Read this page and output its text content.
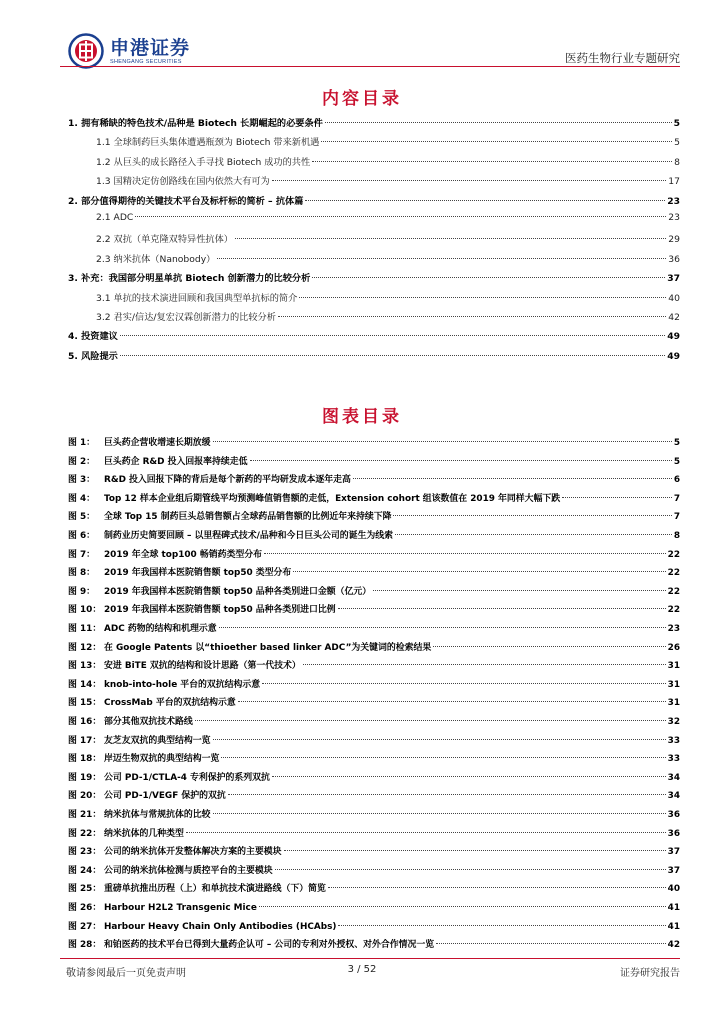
申港证券
SHENGANG SECURITIES	医药生物行业专题研究
内容目录
1. 拥有稀缺的特色技术/品种是 Biotech 长期崛起的必要条件	5
1.1 全球制药巨头集体遭遇瓶颈为 Biotech 带来新机遇	5
1.2 从巨头的成长路径入手寻找 Biotech 成功的共性	8
1.3 国精决定仿创路线在国内依然大有可为	17
2. 部分值得期待的关键技术平台及标杆标的简析 – 抗体篇	23
2.1 ADC	23
2.2 双抗（单克隆双特异性抗体）	29
2.3 纳米抗体（Nanobody）	36
3. 补充：我国部分明星单抗 Biotech 创新潜力的比较分析	37
3.1 单抗的技术演进回顾和我国典型单抗标的简介	40
3.2 君实/信达/复宏汉霖创新潜力的比较分析	42
4. 投资建议	49
5. 风险提示	49
图表目录
图 1：	巨头药企营收增速长期放缓	5
图 2：	巨头药企 R&D 投入回报率持续走低	5
图 3：	R&D 投入回报下降的背后是每个新药的平均研发成本逐年走高	6
图 4：	Top 12 样本企业组后期管线平均预测峰值销售额的走低，Extension cohort 组该数值在 2019 年同样大幅下跌	7
图 5：	全球 Top 15 制药巨头总销售额占全球药品销售额的比例近年来持续下降	7
图 6：	制药业历史简要回顾 – 以里程碑式技术/品种和今日巨头公司的诞生为线索	8
图 7：	2019 年全球 top100 畅销药类型分布	22
图 8：	2019 年我国样本医院销售额 top50 类型分布	22
图 9：	2019 年我国样本医院销售额 top50 品种各类别进口金额（亿元）	22
图 10： 2019 年我国样本医院销售额 top50 品种各类别进口比例	22
图 11： ADC 药物的结构和机理示意	23
图 12： 在 Google Patents 以“thioether based linker ADC”为关键词的检索结果	26
图 13： 安进 BiTE 双抗的结构和设计思路（第一代技术）	31
图 14： knob-into-hole 平台的双抗结构示意	31
图 15： CrossMab 平台的双抗结构示意	31
图 16： 部分其他双抗技术路线	32
图 17： 友芝友双抗的典型结构一览	33
图 18： 岸迈生物双抗的典型结构一览	33
图 19： 公司 PD-1/CTLA-4 专利保护的系列双抗	34
图 20： 公司 PD-1/VEGF 保护的双抗	34
图 21： 纳米抗体与常规抗体的比较	36
图 22： 纳米抗体的几种类型	36
图 23： 公司的纳米抗体开发整体解决方案的主要模块	37
图 24： 公司的纳米抗体检测与质控平台的主要模块	37
图 25： 重磅单抗推出历程（上）和单抗技术演进路线（下）简览	40
图 26： Harbour H2L2 Transgenic Mice	41
图 27： Harbour Heavy Chain Only Antibodies (HCAbs)	41
图 28： 和铂医药的技术平台已得到大量药企认可 – 公司的专利对外授权、对外合作情况一览	42
敬请参阅最后一页免责声明	3 / 52	证券研究报告
